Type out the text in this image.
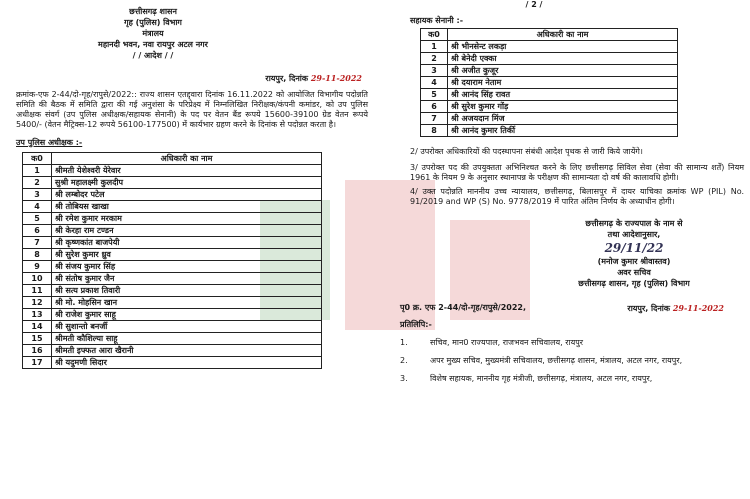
छत्तीसगढ़ शासन
गृह (पुलिस) विभाग
मंत्रालय
महानदी भवन, नवा रायपुर अटल नगर
/ / आदेश / /
रायपुर, दिनांक 29-11-2022

क्रमांक-एफ 2-44/दो-गृह/रापुसे/2022:: राज्य शासन एतद्द्वारा दिनांक 16.11.2022 को आयोजित विभागीय पदोन्नति समिति की बैठक में समिति द्वारा की गई अनुशंसा के परिप्रेक्ष्य में निम्नलिखित निरीक्षक/कंपनी कमांडर, को उप पुलिस अधीक्षक संवर्ग (उप पुलिस अधीक्षक/सहायक सेनानी) के पद पर वेतन बैंड रूपये 15600-39100 ग्रेड वेतन रूपये 5400/- (वेतन मैट्रिक्स-12 रूपये 56100-177500) में कार्यभार ग्रहण करने के दिनांक से पदोन्नत करता है।

उप पुलिस अधीक्षक :-
क0	अधिकारी का नाम
1	श्रीमती येशेश्वरी येरेवार
2	सुश्री महालक्ष्मी कुलदीप
3	श्री लम्बोदर पटेल
4	श्री तोबियस खाखा
5	श्री रमेश कुमार मरकाम
6	श्री केरहा राम टण्डन
7	श्री कृष्णकांत बाजपेयी
8	श्री सुरेश कुमार ध्रुव
9	श्री संजय कुमार सिंह
10	श्री संतोष कुमार जैन
11	श्री सत्य प्रकाश तिवारी
12	श्री मो. मोहसिन खान
13	श्री राजेश कुमार साहू
14	श्री सुशान्तो बनर्जी
15	श्रीमती कौशिल्या साहू
16	श्रीमती इफ्फत आरा खैरानी
17	श्री यदुमणी सिदार
/ 2 /
सहायक सेनानी :-
क0	अधिकारी का नाम
1	श्री भीनसेन्ट लकड़ा
2	श्री बेनेदी एक्का
3	श्री अजीत कुजूर
4	श्री दयाराम नेताम
5	श्री आनंद सिंह रावत
6	श्री सुरेश कुमार गोंड़
7	श्री अजयदान मिंज
8	श्री आनंद कुमार तिर्की
2/ उपरोक्त अधिकारियों की पदस्थापना संबंधी आदेश पृथक से जारी किये जायेंगे।
3/ उपरोक्त पद की उपयुक्तता अभिनिश्चत करने के लिए छत्तीसगढ़ सिविल सेवा (सेवा की सामान्य शर्तें) नियम 1961 के नियम 9 के अनुसार स्थानापन्न के परीक्षण की सामान्यतः दो वर्ष की कालावधि होगी।
4/ उक्त पदोन्नति माननीय उच्च न्यायालय, छत्तीसगढ़, बिलासपुर में दायर याचिका क्रमांक WP (PIL) No. 91/2019 and WP (S) No. 9778/2019 में पारित अंतिम निर्णय के अध्याधीन होगी।
छत्तीसगढ़ के राज्यपाल के नाम से
तथा आदेशानुसार,
29/11/22
(मनोज कुमार श्रीवास्तव)
अवर सचिव
छत्तीसगढ़ शासन, गृह (पुलिस) विभाग
पृ0 क्र. एफ 2-44/दो-गृह/रापुसे/2022,	रायपुर, दिनांक 29-11-2022
प्रतिलिपि:-
1.	सचिव, मान0 राज्यपाल, राजभवन सचिवालय, रायपुर
2.	अपर मुख्य सचिव, मुख्यमंत्री सचिवालय, छत्तीसगढ़ शासन, मंत्रालय, अटल नगर, रायपुर,
3.	विशेष सहायक, माननीय गृह मंत्रीजी, छत्तीसगढ़, मंत्रालय, अटल नगर, रायपुर,
